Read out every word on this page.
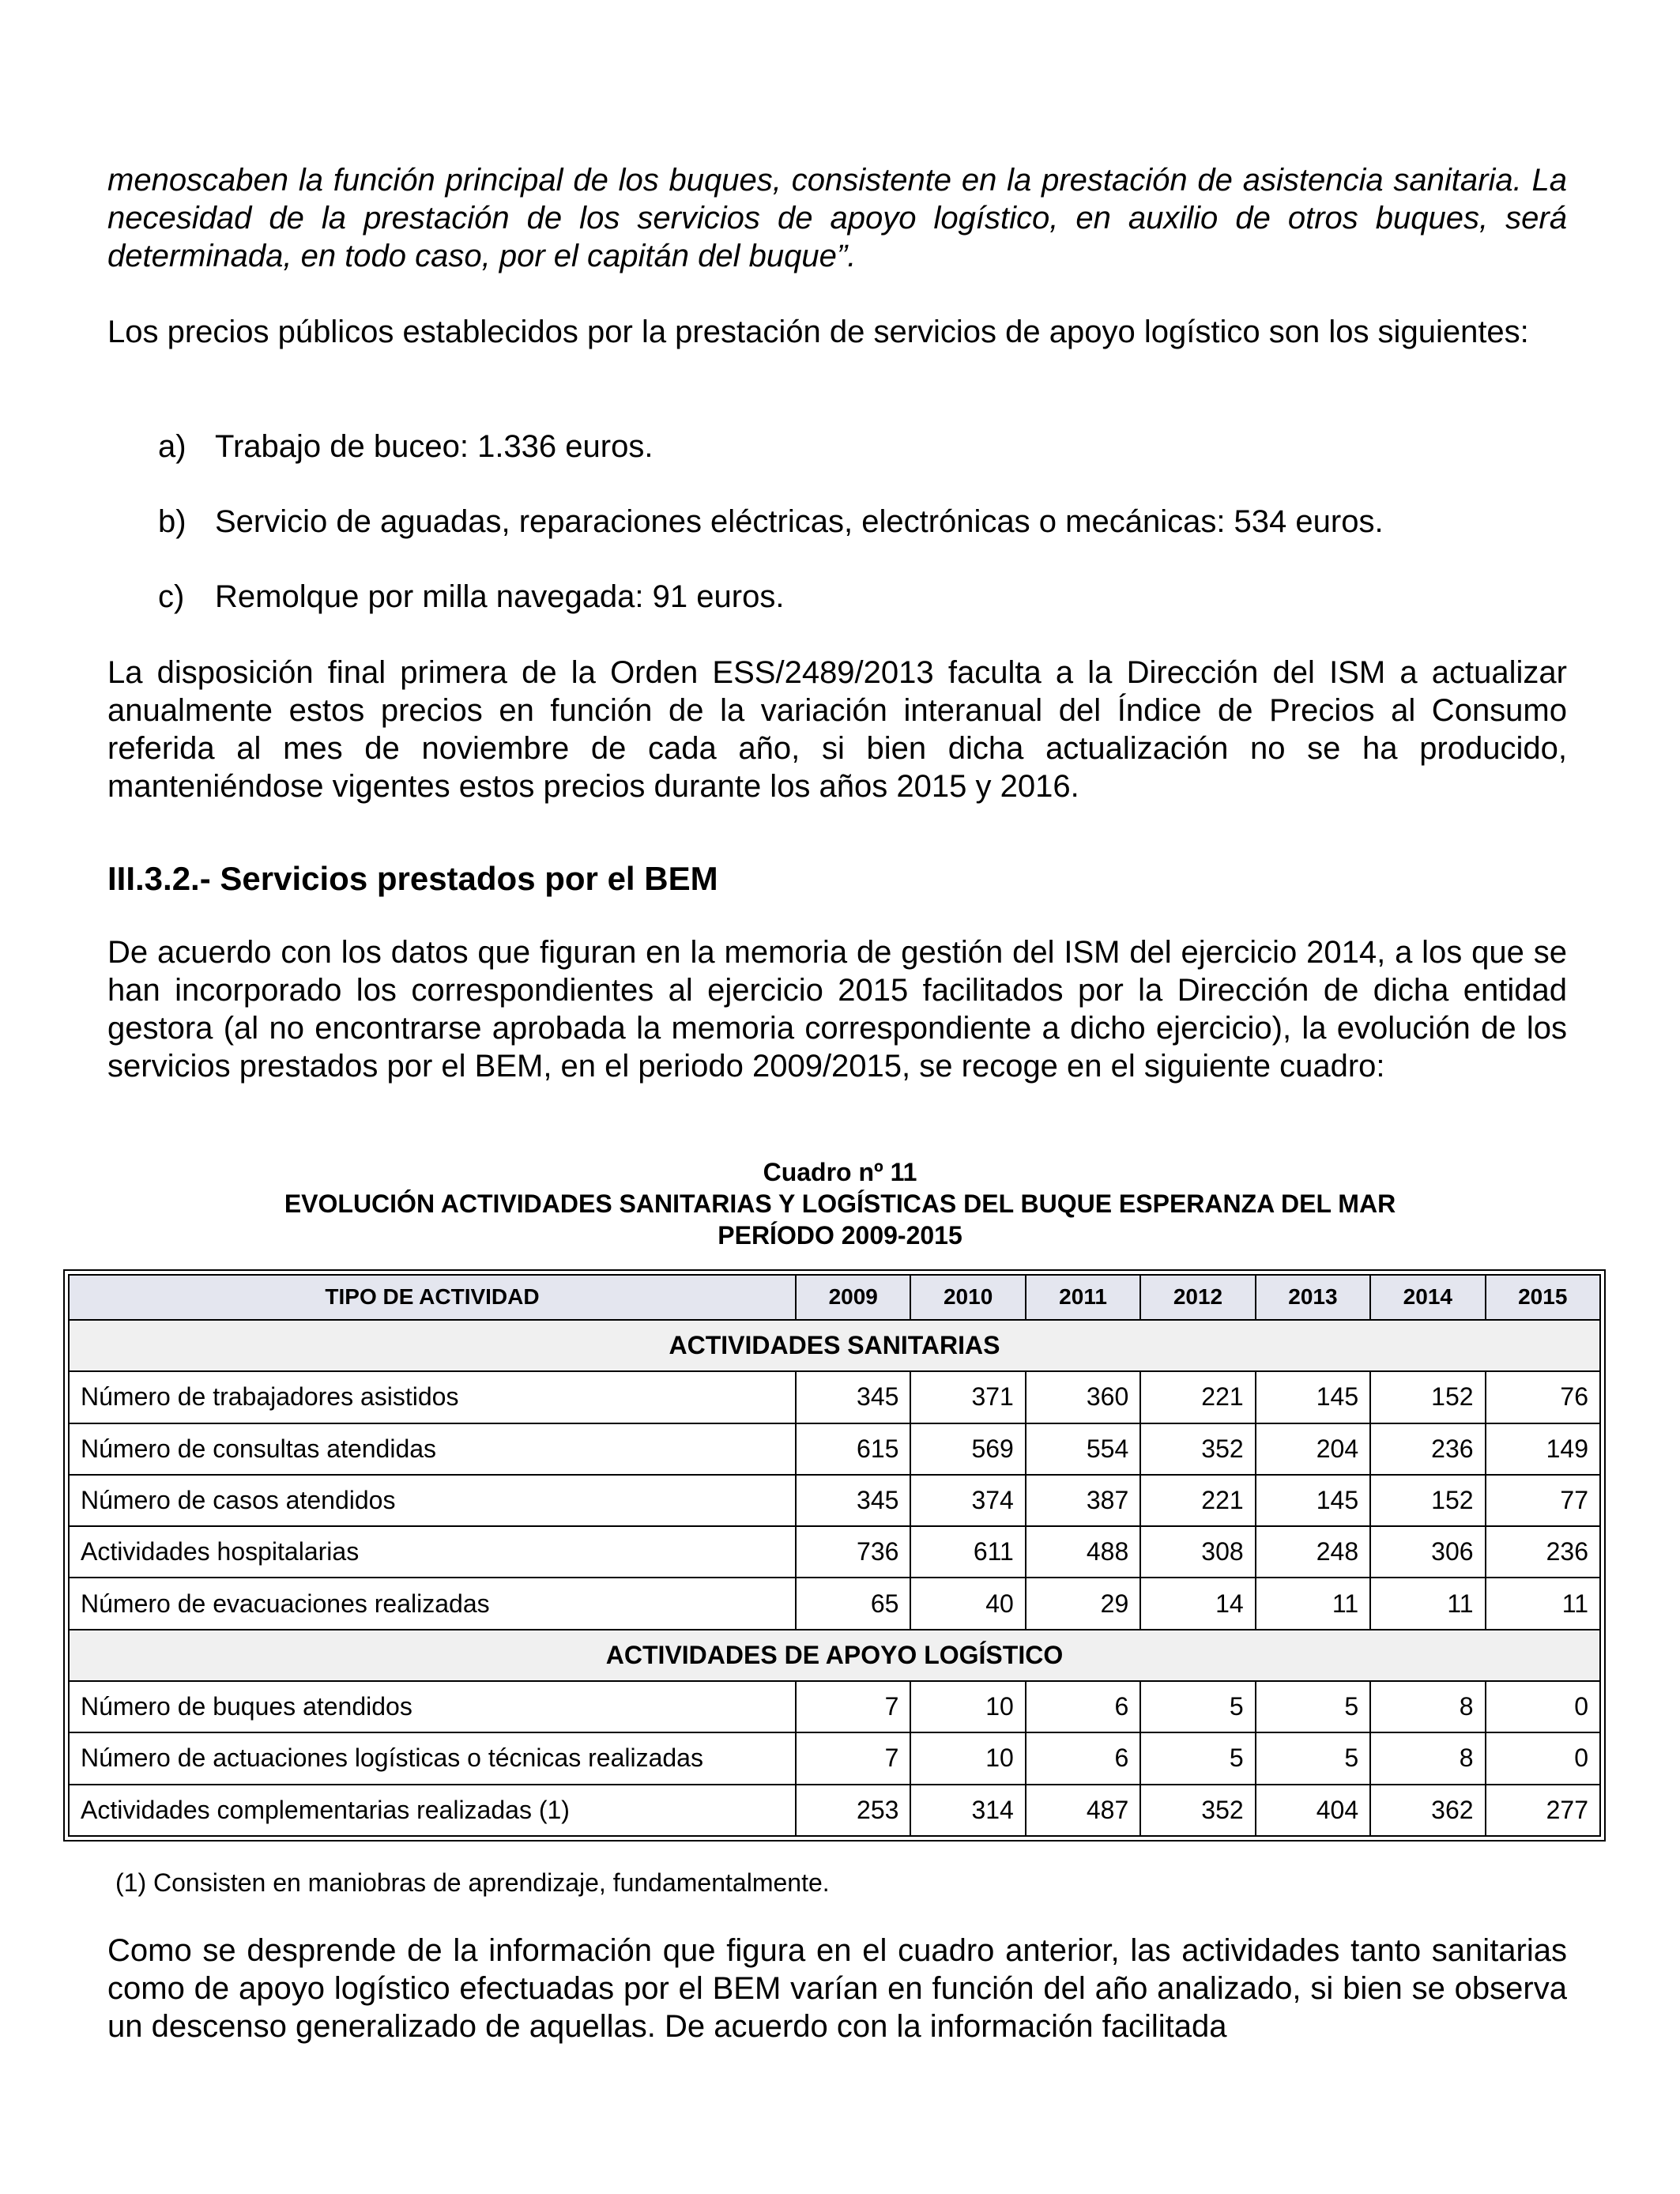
menoscaben la función principal de los buques, consistente en la prestación de asistencia sanitaria. La necesidad de la prestación de los servicios de apoyo logístico, en auxilio de otros buques, será determinada, en todo caso, por el capitán del buque”.

Los precios públicos establecidos por la prestación de servicios de apoyo logístico son los siguientes:

a) Trabajo de buceo: 1.336 euros.
b) Servicio de aguadas, reparaciones eléctricas, electrónicas o mecánicas: 534 euros.
c) Remolque por milla navegada: 91 euros.

La disposición final primera de la Orden ESS/2489/2013 faculta a la Dirección del ISM a actualizar anualmente estos precios en función de la variación interanual del Índice de Precios al Consumo referida al mes de noviembre de cada año, si bien dicha actualización no se ha producido, manteniéndose vigentes estos precios durante los años 2015 y 2016.

III.3.2.- Servicios prestados por el BEM

De acuerdo con los datos que figuran en la memoria de gestión del ISM del ejercicio 2014, a los que se han incorporado los correspondientes al ejercicio 2015 facilitados por la Dirección de dicha entidad gestora (al no encontrarse aprobada la memoria correspondiente a dicho ejercicio), la evolución de los servicios prestados por el BEM, en el periodo 2009/2015, se recoge en el siguiente cuadro:

Cuadro nº 11
EVOLUCIÓN ACTIVIDADES SANITARIAS Y LOGÍSTICAS DEL BUQUE ESPERANZA DEL MAR
PERÍODO 2009-2015
TIPO DE ACTIVIDAD	2009	2010	2011	2012	2013	2014	2015
ACTIVIDADES SANITARIAS							
Número de trabajadores asistidos	345	371	360	221	145	152	76
Número de consultas atendidas	615	569	554	352	204	236	149
Número de casos atendidos	345	374	387	221	145	152	77
Actividades hospitalarias	736	611	488	308	248	306	236
Número de evacuaciones realizadas	65	40	29	14	11	11	11
ACTIVIDADES DE APOYO LOGÍSTICO							
Número de buques atendidos	7	10	6	5	5	8	0
Número de actuaciones logísticas o técnicas realizadas	7	10	6	5	5	8	0
Actividades complementarias realizadas (1)	253	314	487	352	404	362	277
(1) Consisten en maniobras de aprendizaje, fundamentalmente.

Como se desprende de la información que figura en el cuadro anterior, las actividades tanto sanitarias como de apoyo logístico efectuadas por el BEM varían en función del año analizado, si bien se observa un descenso generalizado de aquellas. De acuerdo con la información facilitada
